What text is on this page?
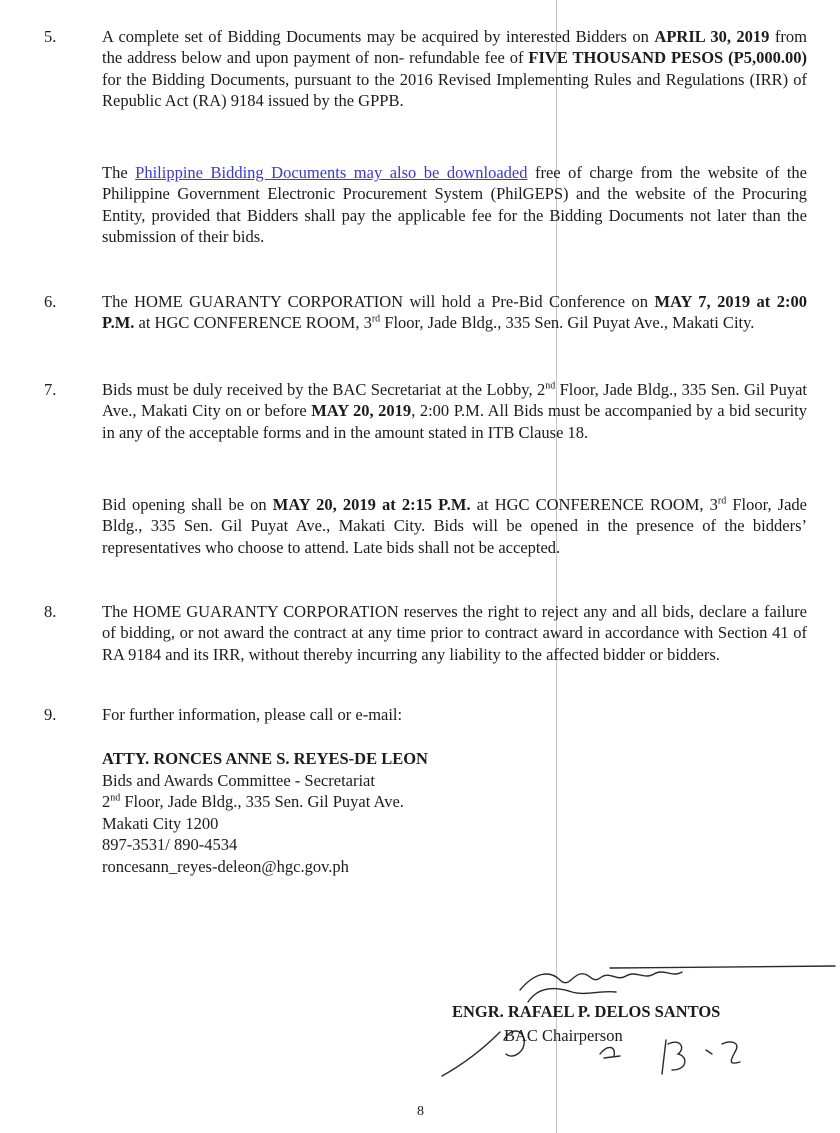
5.	A complete set of Bidding Documents may be acquired by interested Bidders on APRIL 30, 2019 from the address below and upon payment of non- refundable fee of FIVE THOUSAND PESOS (P5,000.00) for the Bidding Documents, pursuant to the 2016 Revised Implementing Rules and Regulations (IRR) of Republic Act (RA) 9184 issued by the GPPB.

The Philippine Bidding Documents may also be downloaded free of charge from the website of the Philippine Government Electronic Procurement System (PhilGEPS) and the website of the Procuring Entity, provided that Bidders shall pay the applicable fee for the Bidding Documents not later than the submission of their bids.

6.	The HOME GUARANTY CORPORATION will hold a Pre-Bid Conference on MAY 7, 2019 at 2:00 P.M. at HGC CONFERENCE ROOM, 3rd Floor, Jade Bldg., 335 Sen. Gil Puyat Ave., Makati City.

7.	Bids must be duly received by the BAC Secretariat at the Lobby, 2nd Floor, Jade Bldg., 335 Sen. Gil Puyat Ave., Makati City on or before MAY 20, 2019, 2:00 P.M. All Bids must be accompanied by a bid security in any of the acceptable forms and in the amount stated in ITB Clause 18.

Bid opening shall be on MAY 20, 2019 at 2:15 P.M. at HGC CONFERENCE ROOM, 3rd Floor, Jade Bldg., 335 Sen. Gil Puyat Ave., Makati City. Bids will be opened in the presence of the bidders’ representatives who choose to attend. Late bids shall not be accepted.

8.	The HOME GUARANTY CORPORATION reserves the right to reject any and all bids, declare a failure of bidding, or not award the contract at any time prior to contract award in accordance with Section 41 of RA 9184 and its IRR, without thereby incurring any liability to the affected bidder or bidders.

9.	For further information, please call or e-mail:

ATTY. RONCES ANNE S. REYES-DE LEON
Bids and Awards Committee - Secretariat
2nd Floor, Jade Bldg., 335 Sen. Gil Puyat Ave.
Makati City 1200
897-3531/ 890-4534
roncesann_reyes-deleon@hgc.gov.ph
ENGR. RAFAEL P. DELOS SANTOS
BAC Chairperson
8
